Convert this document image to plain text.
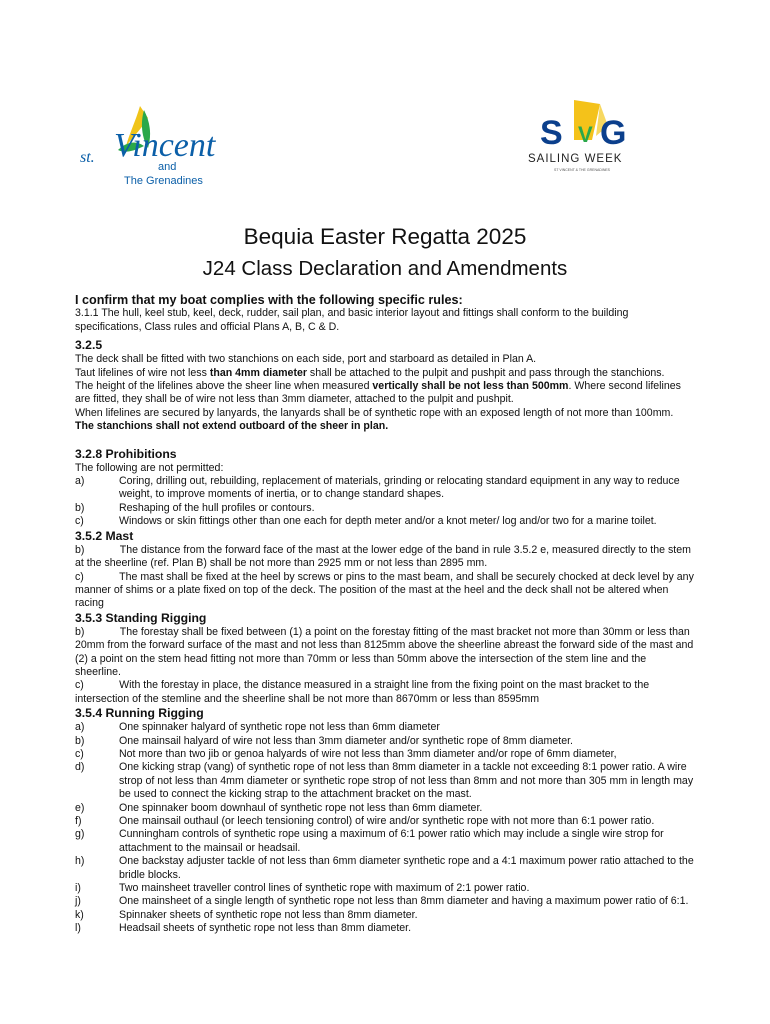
st. Vincent
and
The Grenadines
S V G
SAILING WEEK
ST VINCENT & THE GRENADINES
Bequia Easter Regatta 2025
J24 Class Declaration and Amendments

I confirm that my boat complies with the following specific rules:

3.1.1 The hull, keel stub, keel, deck, rudder, sail plan, and basic interior layout and fittings shall conform to the building specifications, Class rules and official Plans A, B, C & D.

3.2.5

The deck shall be fitted with two stanchions on each side, port and starboard as detailed in Plan A.

Taut lifelines of wire not less than 4mm diameter shall be attached to the pulpit and pushpit and pass through the stanchions.

The height of the lifelines above the sheer line when measured vertically shall be not less than 500mm. Where second lifelines are fitted, they shall be of wire not less than 3mm diameter, attached to the pulpit and pushpit.

When lifelines are secured by lanyards, the lanyards shall be of synthetic rope with an exposed length of not more than 100mm.

The stanchions shall not extend outboard of the sheer in plan.

3.2.8 Prohibitions

The following are not permitted:

a)	Coring, drilling out, rebuilding, replacement of materials, grinding or relocating standard equipment in any way to reduce weight, to improve moments of inertia, or to change standard shapes.
b)	Reshaping of the hull profiles or contours.
c)	Windows or skin fittings other than one each for depth meter and/or a knot meter/ log and/or two for a marine toilet.
3.5.2 Mast

b)            The distance from the forward face of the mast at the lower edge of the band in rule 3.5.2 e, measured directly to the stem at the sheerline (ref. Plan B) shall be not more than 2925 mm or not less than 2895 mm.

c)            The mast shall be fixed at the heel by screws or pins to the mast beam, and shall be securely chocked at deck level by any manner of shims or a plate fixed on top of the deck. The position of the mast at the heel and the deck shall not be altered when racing

3.5.3 Standing Rigging

b)            The forestay shall be fixed between (1) a point on the forestay fitting of the mast bracket not more than 30mm or less than 20mm from the forward surface of the mast and not less than 8125mm above the sheerline abreast the forward side of the mast and (2) a point on the stem head fitting not more than 70mm or less than 50mm above the intersection of the stem line and the sheerline.

c)            With the forestay in place, the distance measured in a straight line from the fixing point on the mast bracket to the intersection of the stemline and the sheerline shall be not more than 8670mm or less than 8595mm

3.5.4 Running Rigging
a)	One spinnaker halyard of synthetic rope not less than 6mm diameter
b)	One mainsail halyard of wire not less than 3mm diameter and/or synthetic rope of 8mm diameter.
c)	Not more than two jib or genoa halyards of wire not less than 3mm diameter and/or rope of 6mm diameter,
d)	One kicking strap (vang) of synthetic rope of not less than 8mm diameter in a tackle not exceeding 8:1 power ratio. A wire strop of not less than 4mm diameter or synthetic rope strop of not less than 8mm and not more than 305 mm in length may be used to connect the kicking strap to the attachment bracket on the mast.
e)	One spinnaker boom downhaul of synthetic rope not less than 6mm diameter.
f)	One mainsail outhaul (or leech tensioning control) of wire and/or synthetic rope with not more than 6:1 power ratio.
g)	Cunningham controls of synthetic rope using a maximum of 6:1 power ratio which may include a single wire strop for attachment to the mainsail or headsail.
h)	One backstay adjuster tackle of not less than 6mm diameter synthetic rope and a 4:1 maximum power ratio attached to the bridle blocks.
i)	Two mainsheet traveller control lines of synthetic rope with maximum of 2:1 power ratio.
j)	One mainsheet of a single length of synthetic rope not less than 8mm diameter and having a maximum power ratio of 6:1.
k)	Spinnaker sheets of synthetic rope not less than 8mm diameter.
l)	Headsail sheets of synthetic rope not less than 8mm diameter.
